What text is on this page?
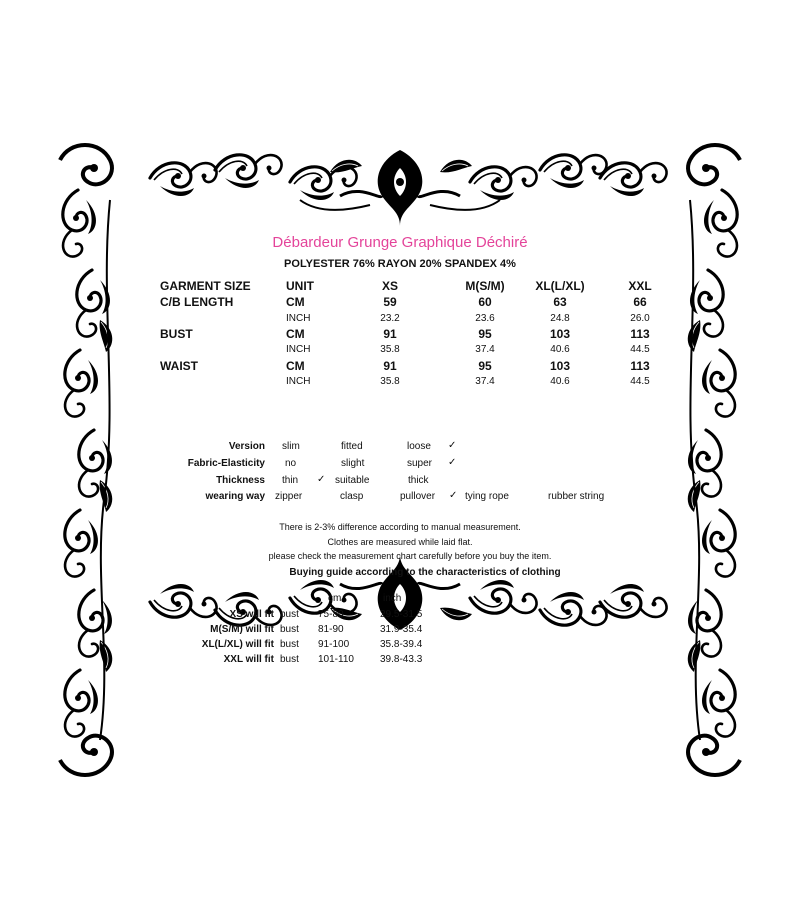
Débardeur Grunge Graphique Déchiré
POLYESTER 76% RAYON 20% SPANDEX 4%
GARMENT SIZE	UNIT	XS	M(S/M)	XL(L/XL)	XXL
C/B LENGTH	CM	59	60	63	66
INCH	23.2	23.6	24.8	26.0
BUST	CM	91	95	103	113
INCH	35.8	37.4	40.6	44.5
WAIST	CM	91	95	103	113
INCH	35.8	37.4	40.6	44.5
Version slim	fitted	loose ✓
Fabric-Elasticity no	slight	super ✓
Thickness thin ✓ suitable	thick
wearing way zipper	clasp	pullover ✓ tying rope	rubber string
There is 2-3% difference according to manual measurement.
Clothes are measured while laid flat.
please check the measurement chart carefully before you buy the item.
Buying guide according to the characteristics of clothing
cm	inch
XS will fit bust 75-80	29.5-31.5
M(S/M) will fit bust 81-90	31.9-35.4
XL(L/XL) will fit bust 91-100	35.8-39.4
XXL will fit bust 101-110	39.8-43.3
